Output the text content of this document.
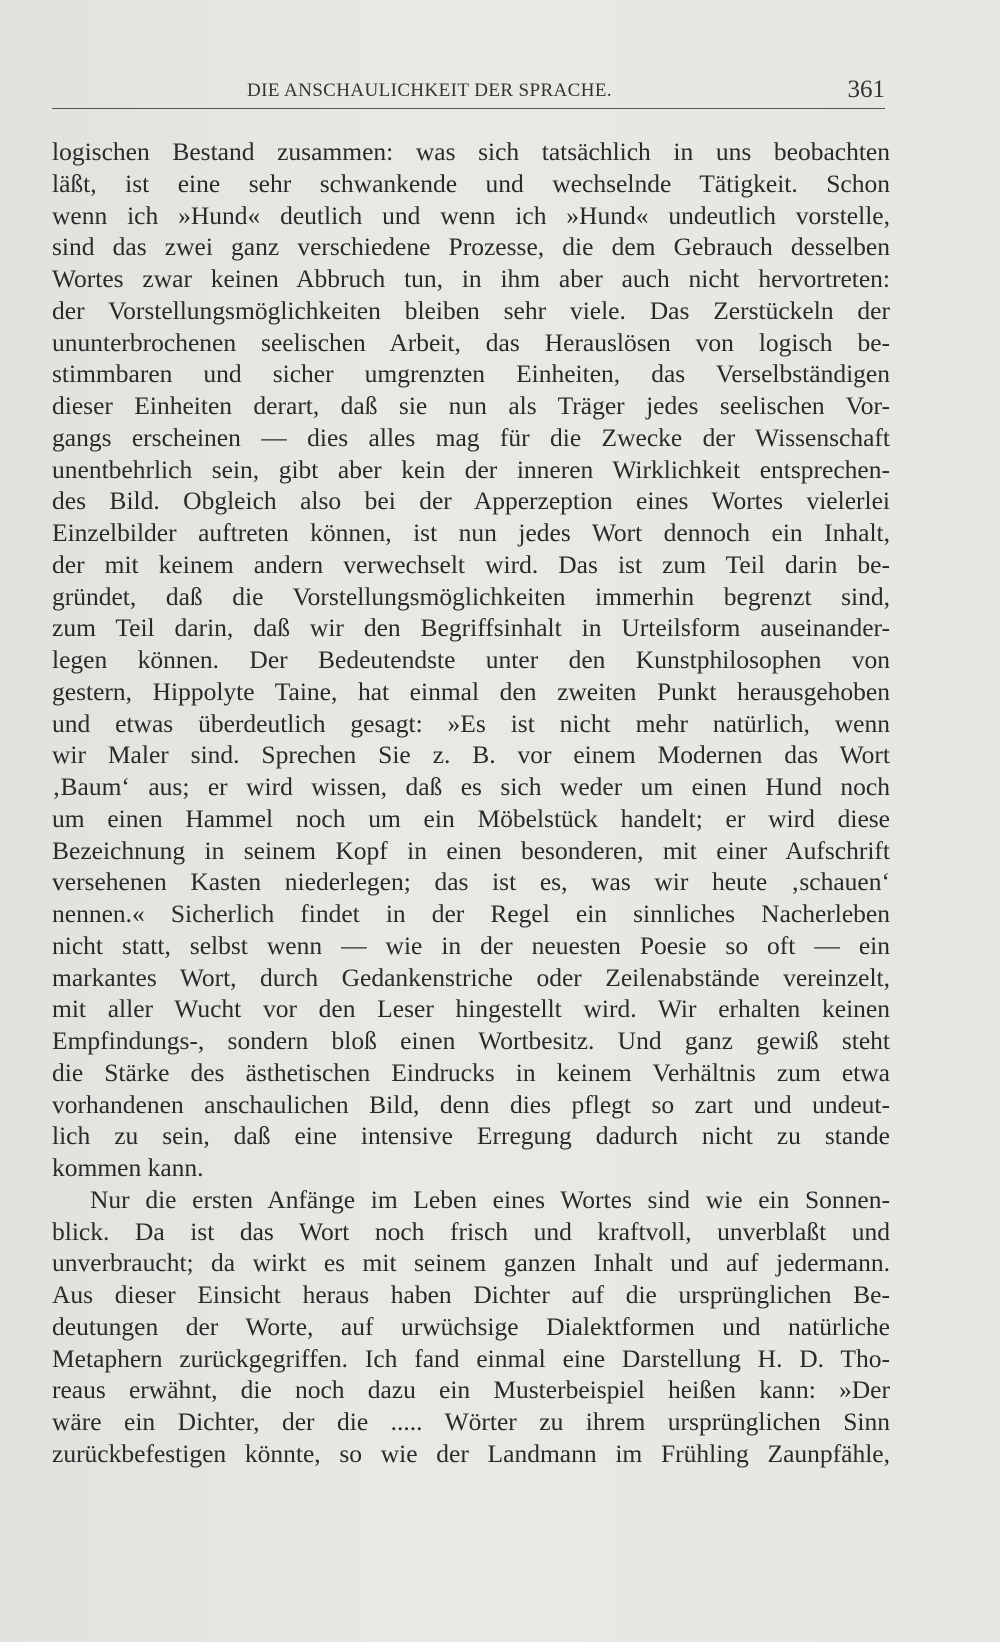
DIE ANSCHAULICHKEIT DER SPRACHE.	361
logischen Bestand zusammen: was sich tatsächlich in uns beobachten
läßt, ist eine sehr schwankende und wechselnde Tätigkeit. Schon
wenn ich »Hund« deutlich und wenn ich »Hund« undeutlich vorstelle,
sind das zwei ganz verschiedene Prozesse, die dem Gebrauch desselben
Wortes zwar keinen Abbruch tun, in ihm aber auch nicht hervortreten:
der Vorstellungsmöglichkeiten bleiben sehr viele. Das Zerstückeln der
ununterbrochenen seelischen Arbeit, das Herauslösen von logisch be-
stimmbaren und sicher umgrenzten Einheiten, das Verselbständigen
dieser Einheiten derart, daß sie nun als Träger jedes seelischen Vor-
gangs erscheinen — dies alles mag für die Zwecke der Wissenschaft
unentbehrlich sein, gibt aber kein der inneren Wirklichkeit entsprechen-
des Bild. Obgleich also bei der Apperzeption eines Wortes vielerlei
Einzelbilder auftreten können, ist nun jedes Wort dennoch ein Inhalt,
der mit keinem andern verwechselt wird. Das ist zum Teil darin be-
gründet, daß die Vorstellungsmöglichkeiten immerhin begrenzt sind,
zum Teil darin, daß wir den Begriffsinhalt in Urteilsform auseinander-
legen können. Der Bedeutendste unter den Kunstphilosophen von
gestern, Hippolyte Taine, hat einmal den zweiten Punkt herausgehoben
und etwas überdeutlich gesagt: »Es ist nicht mehr natürlich, wenn
wir Maler sind. Sprechen Sie z. B. vor einem Modernen das Wort
‚Baum‘ aus; er wird wissen, daß es sich weder um einen Hund noch
um einen Hammel noch um ein Möbelstück handelt; er wird diese
Bezeichnung in seinem Kopf in einen besonderen, mit einer Aufschrift
versehenen Kasten niederlegen; das ist es, was wir heute ‚schauen‘
nennen.« Sicherlich findet in der Regel ein sinnliches Nacherleben
nicht statt, selbst wenn — wie in der neuesten Poesie so oft — ein
markantes Wort, durch Gedankenstriche oder Zeilenabstände vereinzelt,
mit aller Wucht vor den Leser hingestellt wird. Wir erhalten keinen
Empfindungs-, sondern bloß einen Wortbesitz. Und ganz gewiß steht
die Stärke des ästhetischen Eindrucks in keinem Verhältnis zum etwa
vorhandenen anschaulichen Bild, denn dies pflegt so zart und undeut-
lich zu sein, daß eine intensive Erregung dadurch nicht zu stande
kommen kann.
Nur die ersten Anfänge im Leben eines Wortes sind wie ein Sonnen-
blick. Da ist das Wort noch frisch und kraftvoll, unverblaßt und
unverbraucht; da wirkt es mit seinem ganzen Inhalt und auf jedermann.
Aus dieser Einsicht heraus haben Dichter auf die ursprünglichen Be-
deutungen der Worte, auf urwüchsige Dialektformen und natürliche
Metaphern zurückgegriffen. Ich fand einmal eine Darstellung H. D. Tho-
reaus erwähnt, die noch dazu ein Musterbeispiel heißen kann: »Der
wäre ein Dichter, der die ..... Wörter zu ihrem ursprünglichen Sinn
zurückbefestigen könnte, so wie der Landmann im Frühling Zaunpfähle,
